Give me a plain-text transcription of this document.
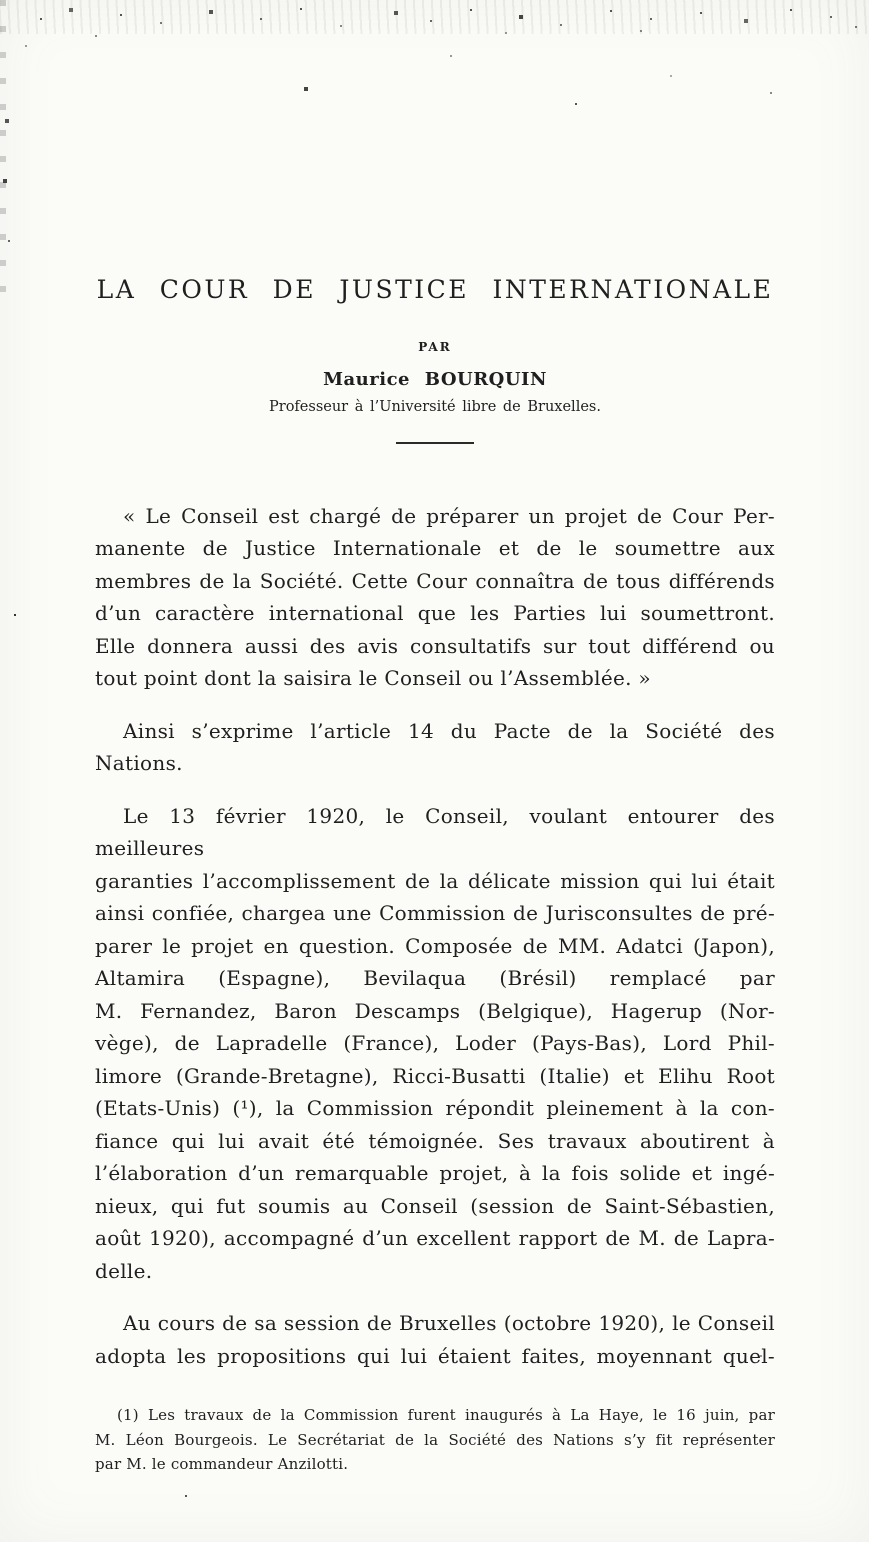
LA COUR DE JUSTICE INTERNATIONALE
PAR
Maurice BOURQUIN
Professeur à l’Université libre de Bruxelles.

« Le Conseil est chargé de préparer un projet de Cour Per-
manente de Justice Internationale et de le soumettre aux
membres de la Société. Cette Cour connaîtra de tous différends
d’un caractère international que les Parties lui soumettront.
Elle donnera aussi des avis consultatifs sur tout différend ou
tout point dont la saisira le Conseil ou l’Assemblée. »

Ainsi s’exprime l’article 14 du Pacte de la Société des
Nations.

Le 13 février 1920, le Conseil, voulant entourer des meilleures
garanties l’accomplissement de la délicate mission qui lui était
ainsi confiée, chargea une Commission de Jurisconsultes de pré-
parer le projet en question. Composée de MM. Adatci (Japon),
Altamira (Espagne), Bevilaqua (Brésil) remplacé par
M. Fernandez, Baron Descamps (Belgique), Hagerup (Nor-
vège), de Lapradelle (France), Loder (Pays-Bas), Lord Phil-
limore (Grande-Bretagne), Ricci-Busatti (Italie) et Elihu Root
(Etats-Unis) (¹), la Commission répondit pleinement à la con-
fiance qui lui avait été témoignée. Ses travaux aboutirent à
l’élaboration d’un remarquable projet, à la fois solide et ingé-
nieux, qui fut soumis au Conseil (session de Saint-Sébastien,
août 1920), accompagné d’un excellent rapport de M. de Lapra-
delle.

Au cours de sa session de Bruxelles (octobre 1920), le Conseil
adopta les propositions qui lui étaient faites, moyennant quel-

(1) Les travaux de la Commission furent inaugurés à La Haye, le 16 juin, par
M. Léon Bourgeois. Le Secrétariat de la Société des Nations s’y fit représenter
par M. le commandeur Anzilotti.
